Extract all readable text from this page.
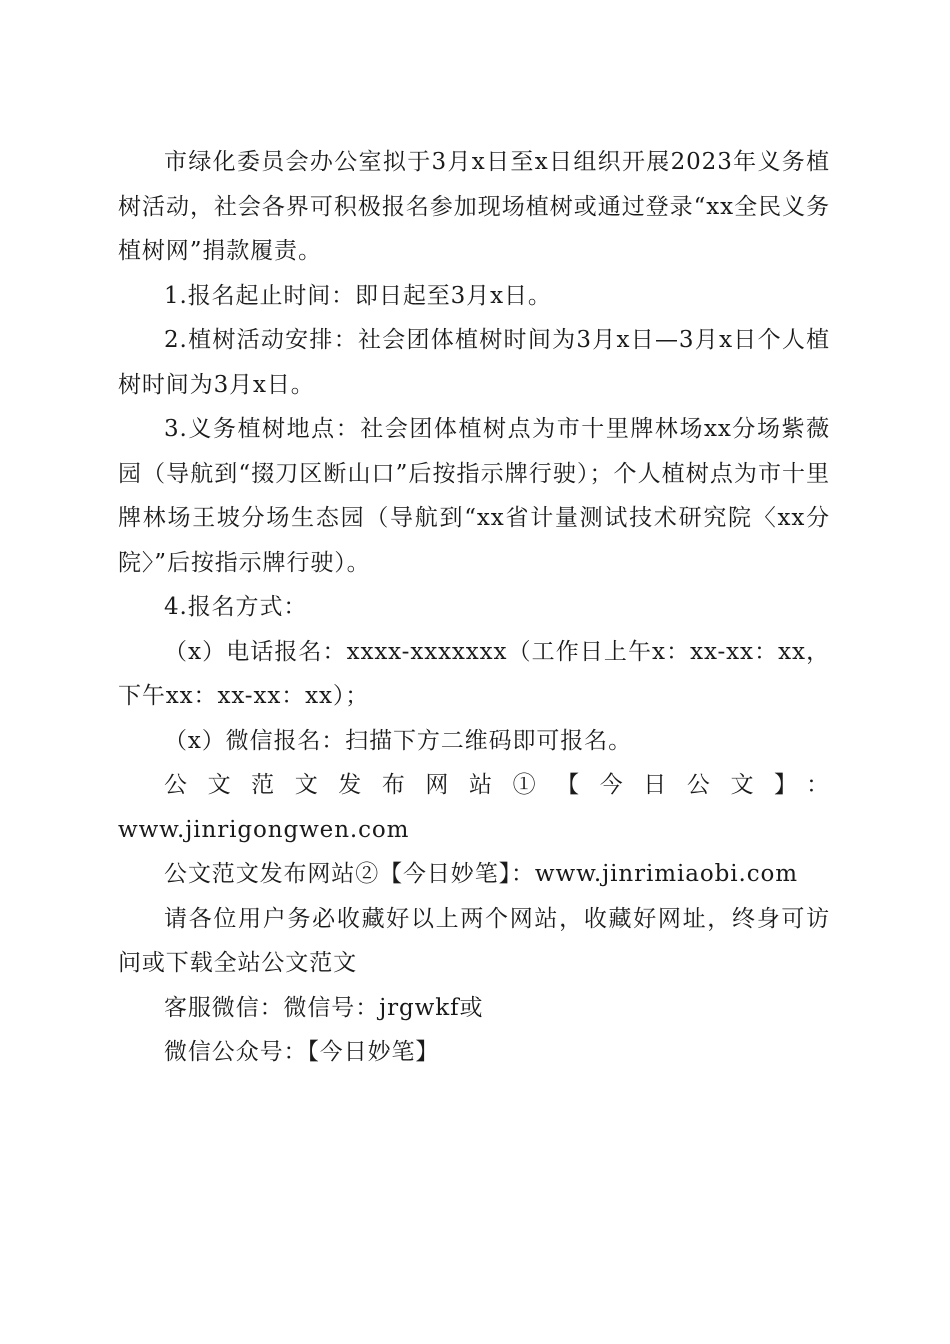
市绿化委员会办公室拟于3月x日至x日组织开展2023年义务植树活动，社会各界可积极报名参加现场植树或通过登录“xx全民义务植树网”捐款履责。

1.报名起止时间：即日起至3月x日。

2.植树活动安排：社会团体植树时间为3月x日—3月x日个人植树时间为3月x日。

3.义务植树地点：社会团体植树点为市十里牌林场xx分场紫薇园（导航到“掇刀区断山口”后按指示牌行驶）；个人植树点为市十里牌林场王坡分场生态园（导航到“xx省计量测试技术研究院〈xx分院〉”后按指示牌行驶）。

4.报名方式：

（x）电话报名：xxxx-xxxxxxx（工作日上午x：xx-xx：xx，下午xx：xx-xx：xx）；

（x）微信报名：扫描下方二维码即可报名。

公文范文发布网站①【今日公文】：

www.jinrigongwen.com

公文范文发布网站②【今日妙笔】：www.jinrimiaobi.com

请各位用户务必收藏好以上两个网站，收藏好网址，终身可访问或下载全站公文范文

客服微信：微信号：jrgwkf或

微信公众号：【今日妙笔】
